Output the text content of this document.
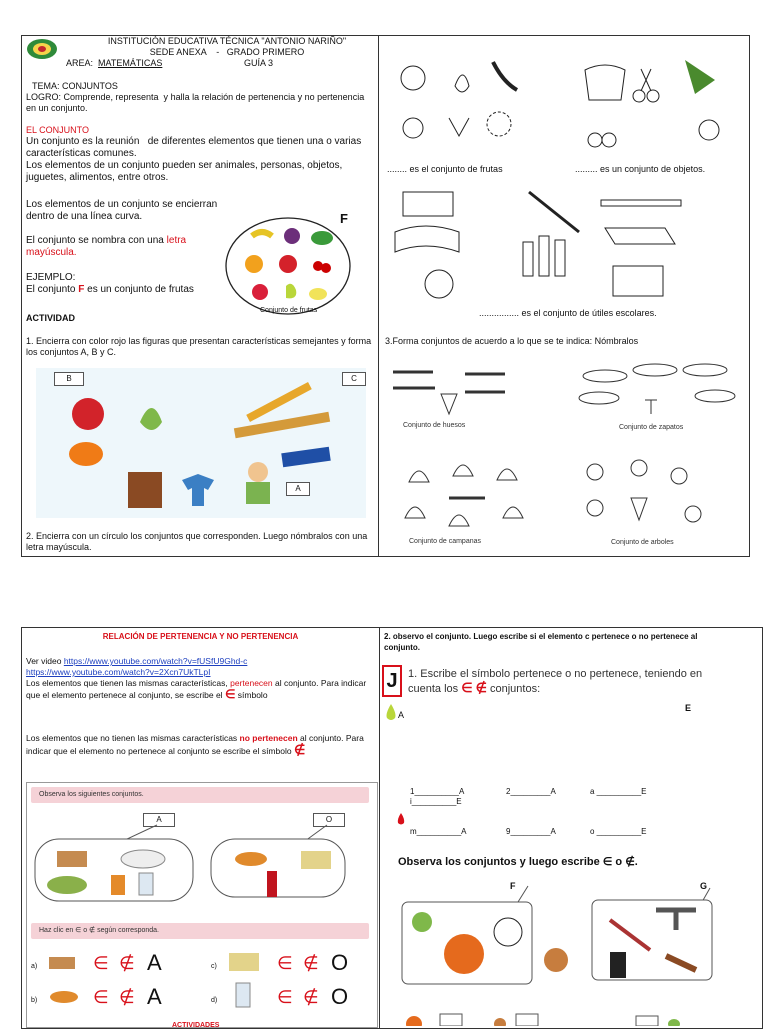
INSTITUCIÓN EDUCATIVA TÉCNICA "ANTONIO NARIÑO"
SEDE ANEXA    -   GRADO PRIMERO
AREA: MATEMÁTICAS	GUÍA 3
TEMA: CONJUNTOS
LOGRO: Comprende, representa  y halla la relación de pertenencia y no pertenencia en un conjunto.
EL CONJUNTO
Un conjunto es la reunión   de diferentes elementos que tienen una o varias características comunes.
Los elementos de un conjunto pueden ser animales, personas, objetos, juguetes, alimentos, entre otros.
Los elementos de un conjunto se encierran dentro de una línea curva.
El conjunto se nombra con una letra mayúscula.
EJEMPLO:
El conjunto F es un conjunto de frutas
F
Conjunto de frutas
ACTIVIDAD
1. Encierra con color rojo las figuras que presentan características semejantes y forma los conjuntos A, B y C.
B	C
A
2. Encierra con un círculo los conjuntos que corresponden. Luego nómbralos con una letra mayúscula.
........ es el conjunto de frutas	......... es un conjunto de objetos.
................ es el conjunto de útiles escolares.
3.Forma conjuntos de acuerdo a lo que se te indica: Nómbralos
Conjunto de huesos	Conjunto de zapatos
Conjunto de campanas	Conjunto de arboles
RELACIÓN DE PERTENENCIA Y NO PERTENENCIA
Ver video https://www.youtube.com/watch?v=fUSfU9Ghd-c
https://www.youtube.com/watch?v=2Xcn7UkTLpI
Los elementos que tienen las mismas características, pertenecen al conjunto. Para indicar que el elemento pertenece al conjunto, se escribe el ∈ símbolo
Los elementos que no tienen las mismas características no pertenecen al conjunto. Para indicar que el elemento no pertenece al conjunto se escribe el símbolo ∉
Observa los siguientes conjuntos.
A	O
Haz clic en ∈ o ∉ según corresponda.
a)	∈ ∉ A	c)	∈ ∉ O
b)	∈ ∉ A	d)	∈ ∉ O
ACTIVIDADES
2. observo el conjunto. Luego escribe si el elemento c pertenece o no pertenece al conjunto.
J 1. Escribe el símbolo pertenece o no pertenece, teniendo en cuenta los ∈ ∉ conjuntos:
A
E
1__________A	2_________A	a __________E
i__________E
m__________A	9_________A	o __________E
Observa los conjuntos y luego escribe ∈ o ∉.
F	G
